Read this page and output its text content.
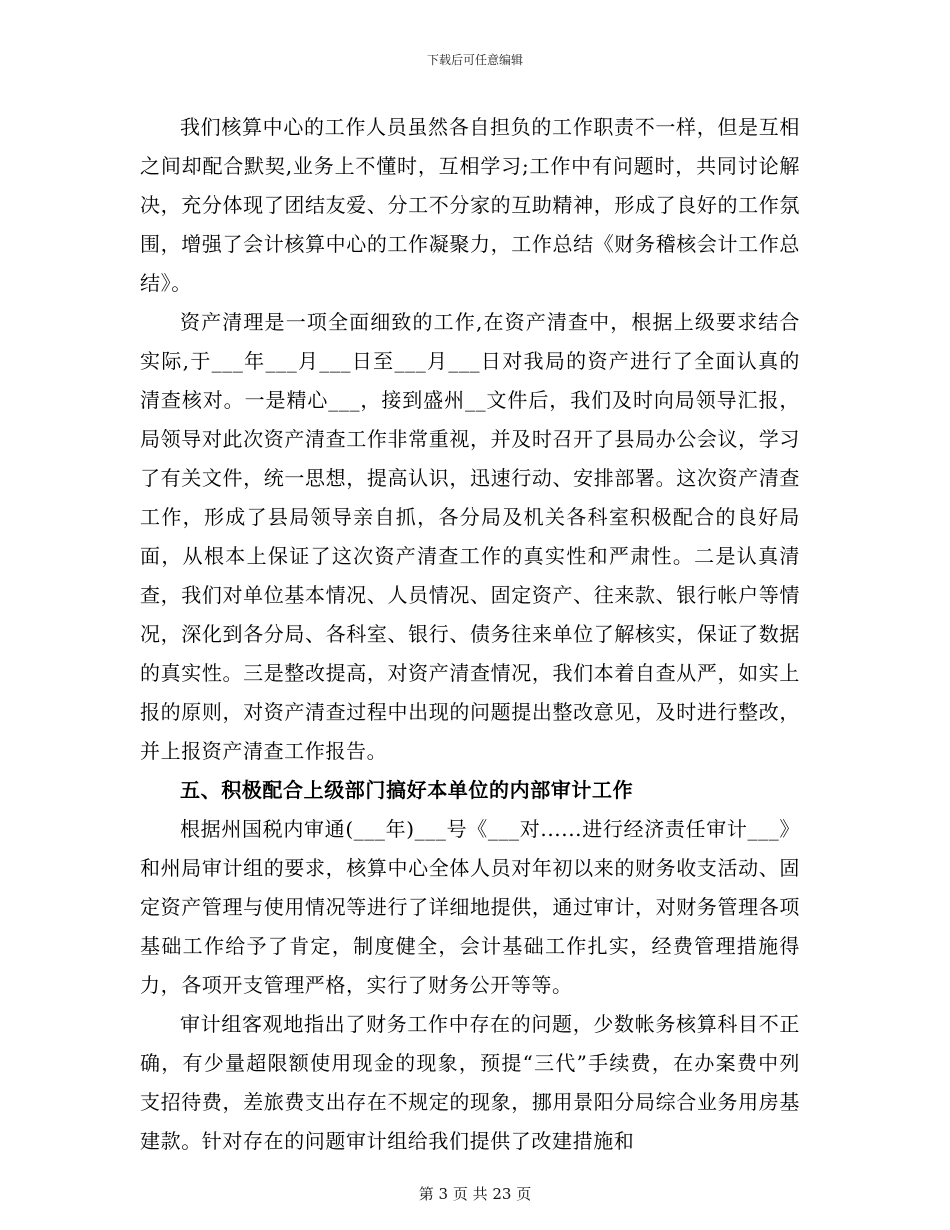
下载后可任意编辑

我们核算中心的工作人员虽然各自担负的工作职责不一样，但是互相之间却配合默契,业务上不懂时，互相学习;工作中有问题时，共同讨论解决，充分体现了团结友爱、分工不分家的互助精神，形成了良好的工作氛围，增强了会计核算中心的工作凝聚力，工作总结《财务稽核会计工作总结》。

资产清理是一项全面细致的工作,在资产清查中，根据上级要求结合实际,于___年___月___日至___月___日对我局的资产进行了全面认真的清查核对。一是精心___，接到盛州__文件后，我们及时向局领导汇报，局领导对此次资产清查工作非常重视，并及时召开了县局办公会议，学习了有关文件，统一思想，提高认识，迅速行动、安排部署。这次资产清查工作，形成了县局领导亲自抓，各分局及机关各科室积极配合的良好局面，从根本上保证了这次资产清查工作的真实性和严肃性。二是认真清查，我们对单位基本情况、人员情况、固定资产、往来款、银行帐户等情况，深化到各分局、各科室、银行、债务往来单位了解核实，保证了数据的真实性。三是整改提高，对资产清查情况，我们本着自查从严，如实上报的原则，对资产清查过程中出现的问题提出整改意见，及时进行整改，并上报资产清查工作报告。

五、积极配合上级部门搞好本单位的内部审计工作

根据州国税内审通(___年)___号《___对......进行经济责任审计___》和州局审计组的要求，核算中心全体人员对年初以来的财务收支活动、固定资产管理与使用情况等进行了详细地提供，通过审计，对财务管理各项基础工作给予了肯定，制度健全，会计基础工作扎实，经费管理措施得力，各项开支管理严格，实行了财务公开等等。

审计组客观地指出了财务工作中存在的问题，少数帐务核算科目不正确，有少量超限额使用现金的现象，预提“三代”手续费，在办案费中列支招待费，差旅费支出存在不规定的现象，挪用景阳分局综合业务用房基建款。针对存在的问题审计组给我们提供了改建措施和

第 3 页 共 23 页
